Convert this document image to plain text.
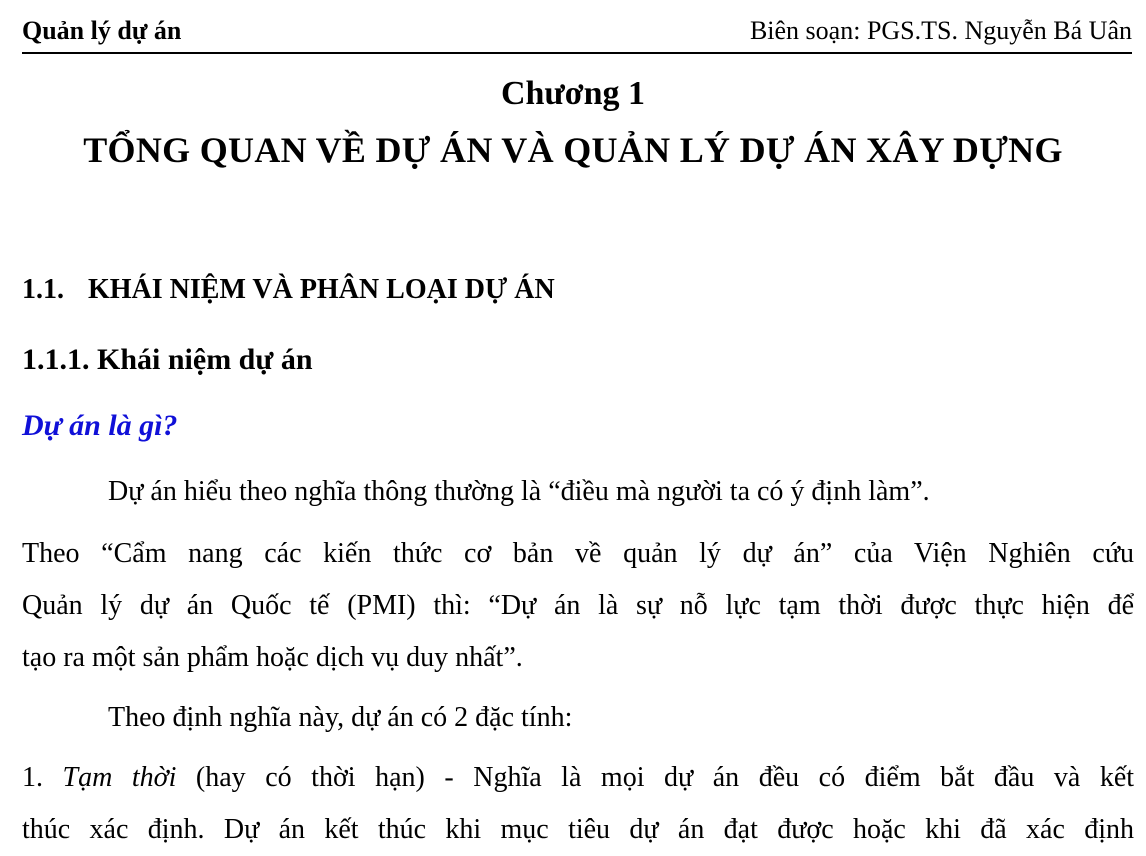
Quản lý dự án	Biên soạn: PGS.TS. Nguyễn Bá Uân
Chương 1
TỔNG QUAN VỀ DỰ ÁN VÀ QUẢN LÝ DỰ ÁN XÂY DỰNG
1.1. KHÁI NIỆM VÀ PHÂN LOẠI DỰ ÁN
1.1.1. Khái niệm dự án
Dự án là gì?
Dự án hiểu theo nghĩa thông thường là “điều mà người ta có ý định làm”.
Theo “Cẩm nang các kiến thức cơ bản về quản lý dự án” của Viện Nghiên cứu
Quản lý dự án Quốc tế (PMI) thì: “Dự án là sự nỗ lực tạm thời được thực hiện để
tạo ra một sản phẩm hoặc dịch vụ duy nhất”.
Theo định nghĩa này, dự án có 2 đặc tính:
1. Tạm thời (hay có thời hạn) - Nghĩa là mọi dự án đều có điểm bắt đầu và kết
thúc xác định. Dự án kết thúc khi mục tiêu dự án đạt được hoặc khi đã xác định
